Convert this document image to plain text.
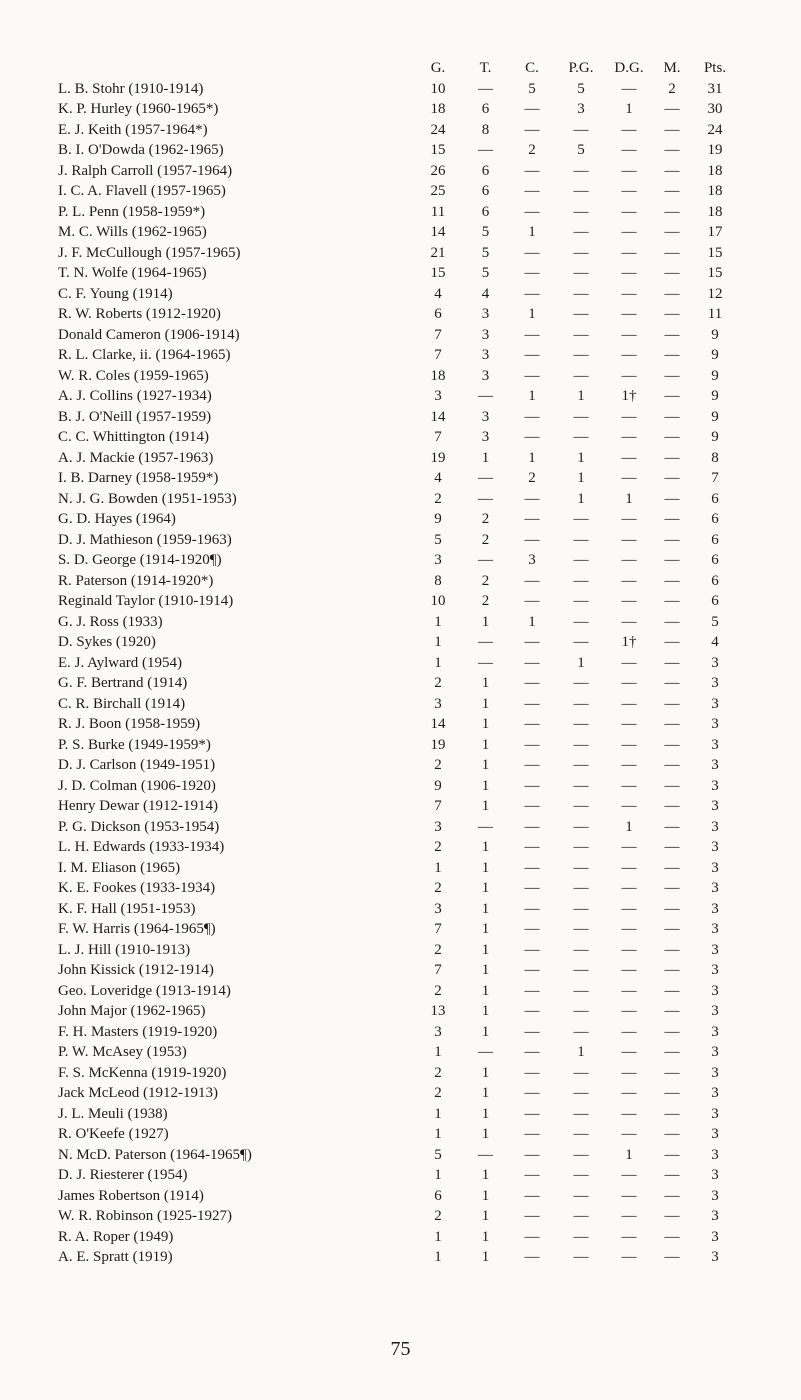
	G.	T.	C.	P.G.	D.G.	M.	Pts.
L. B. Stohr (1910-1914)	10	—	5	5	—	2	31
K. P. Hurley (1960-1965*)	18	6	—	3	1	—	30
E. J. Keith (1957-1964*)	24	8	—	—	—	—	24
B. I. O'Dowda (1962-1965)	15	—	2	5	—	—	19
J. Ralph Carroll (1957-1964)	26	6	—	—	—	—	18
I. C. A. Flavell (1957-1965)	25	6	—	—	—	—	18
P. L. Penn (1958-1959*)	11	6	—	—	—	—	18
M. C. Wills (1962-1965)	14	5	1	—	—	—	17
J. F. McCullough (1957-1965)	21	5	—	—	—	—	15
T. N. Wolfe (1964-1965)	15	5	—	—	—	—	15
C. F. Young (1914)	4	4	—	—	—	—	12
R. W. Roberts (1912-1920)	6	3	1	—	—	—	11
Donald Cameron (1906-1914)	7	3	—	—	—	—	9
R. L. Clarke, ii. (1964-1965)	7	3	—	—	—	—	9
W. R. Coles (1959-1965)	18	3	—	—	—	—	9
A. J. Collins (1927-1934)	3	—	1	1	1†	—	9
B. J. O'Neill (1957-1959)	14	3	—	—	—	—	9
C. C. Whittington (1914)	7	3	—	—	—	—	9
A. J. Mackie (1957-1963)	19	1	1	1	—	—	8
I. B. Darney (1958-1959*)	4	—	2	1	—	—	7
N. J. G. Bowden (1951-1953)	2	—	—	1	1	—	6
G. D. Hayes (1964)	9	2	—	—	—	—	6
D. J. Mathieson (1959-1963)	5	2	—	—	—	—	6
S. D. George (1914-1920¶)	3	—	3	—	—	—	6
R. Paterson (1914-1920*)	8	2	—	—	—	—	6
Reginald Taylor (1910-1914)	10	2	—	—	—	—	6
G. J. Ross (1933)	1	1	1	—	—	—	5
D. Sykes (1920)	1	—	—	—	1†	—	4
E. J. Aylward (1954)	1	—	—	1	—	—	3
G. F. Bertrand (1914)	2	1	—	—	—	—	3
C. R. Birchall (1914)	3	1	—	—	—	—	3
R. J. Boon (1958-1959)	14	1	—	—	—	—	3
P. S. Burke (1949-1959*)	19	1	—	—	—	—	3
D. J. Carlson (1949-1951)	2	1	—	—	—	—	3
J. D. Colman (1906-1920)	9	1	—	—	—	—	3
Henry Dewar (1912-1914)	7	1	—	—	—	—	3
P. G. Dickson (1953-1954)	3	—	—	—	1	—	3
L. H. Edwards (1933-1934)	2	1	—	—	—	—	3
I. M. Eliason (1965)	1	1	—	—	—	—	3
K. E. Fookes (1933-1934)	2	1	—	—	—	—	3
K. F. Hall (1951-1953)	3	1	—	—	—	—	3
F. W. Harris (1964-1965¶)	7	1	—	—	—	—	3
L. J. Hill (1910-1913)	2	1	—	—	—	—	3
John Kissick (1912-1914)	7	1	—	—	—	—	3
Geo. Loveridge (1913-1914)	2	1	—	—	—	—	3
John Major (1962-1965)	13	1	—	—	—	—	3
F. H. Masters (1919-1920)	3	1	—	—	—	—	3
P. W. McAsey (1953)	1	—	—	1	—	—	3
F. S. McKenna (1919-1920)	2	1	—	—	—	—	3
Jack McLeod (1912-1913)	2	1	—	—	—	—	3
J. L. Meuli (1938)	1	1	—	—	—	—	3
R. O'Keefe (1927)	1	1	—	—	—	—	3
N. McD. Paterson (1964-1965¶)	5	—	—	—	1	—	3
D. J. Riesterer (1954)	1	1	—	—	—	—	3
James Robertson (1914)	6	1	—	—	—	—	3
W. R. Robinson (1925-1927)	2	1	—	—	—	—	3
R. A. Roper (1949)	1	1	—	—	—	—	3
A. E. Spratt (1919)	1	1	—	—	—	—	3
75
